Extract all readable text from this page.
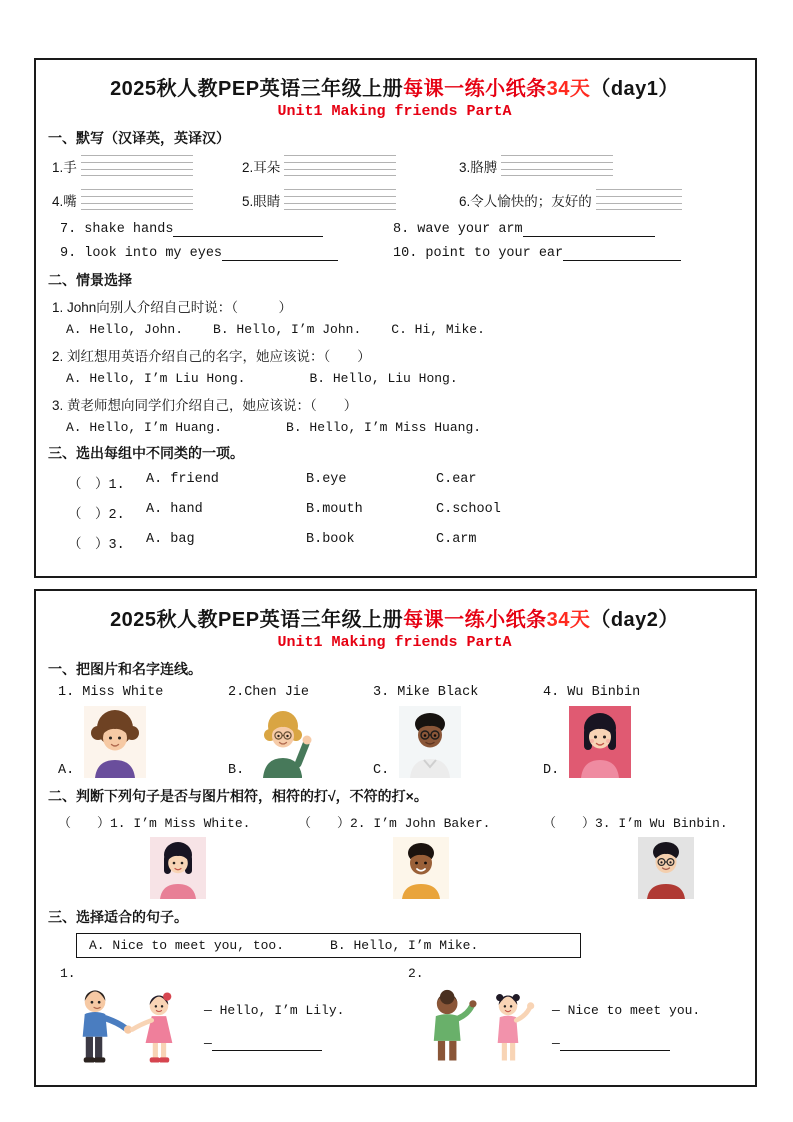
2025秋人教PEP英语三年级上册每课一练小纸条34天（day1）
Unit1 Making friends PartA
一、默写（汉译英，英译汉）
1.手	2.耳朵	3.胳膊
4.嘴	5.眼睛	6.令人愉快的；友好的
7. shake hands	8. wave your arm
9. look into my eyes	10. point to your ear
二、情景选择
1. John向别人介绍自己时说：（　　　）
A. Hello, John. B. Hello, I’m John. C. Hi, Mike.
2. 刘红想用英语介绍自己的名字，她应该说：（　　）
A. Hello, I’m Liu Hong.	B. Hello, Liu Hong.
3. 黄老师想向同学们介绍自己，她应该说：（　　）
A. Hello, I’m Huang.	B. Hello, I’m Miss Huang.
三、选出每组中不同类的一项。
（　）1.	A. friend	B.eye	C.ear
（　）2.	A. hand	B.mouth	C.school
（　）3.	A. bag	B.book	C.arm
2025秋人教PEP英语三年级上册每课一练小纸条34天（day2）
Unit1 Making friends PartA
一、把图片和名字连线。
1. Miss White	2.Chen Jie	3. Mike Black	4. Wu Binbin
A.	B.	C.	D.
二、判断下列句子是否与图片相符，相符的打√，不符的打×。
（　　）1. I’m Miss White.	（　　）2. I’m John Baker.	（　　）3. I’m Wu Binbin.
三、选择适合的句子。
A. Nice to meet you, too.	B. Hello, I’m Mike.
1.
— Hello, I’m Lily.
—
2.
— Nice to meet you.
—
